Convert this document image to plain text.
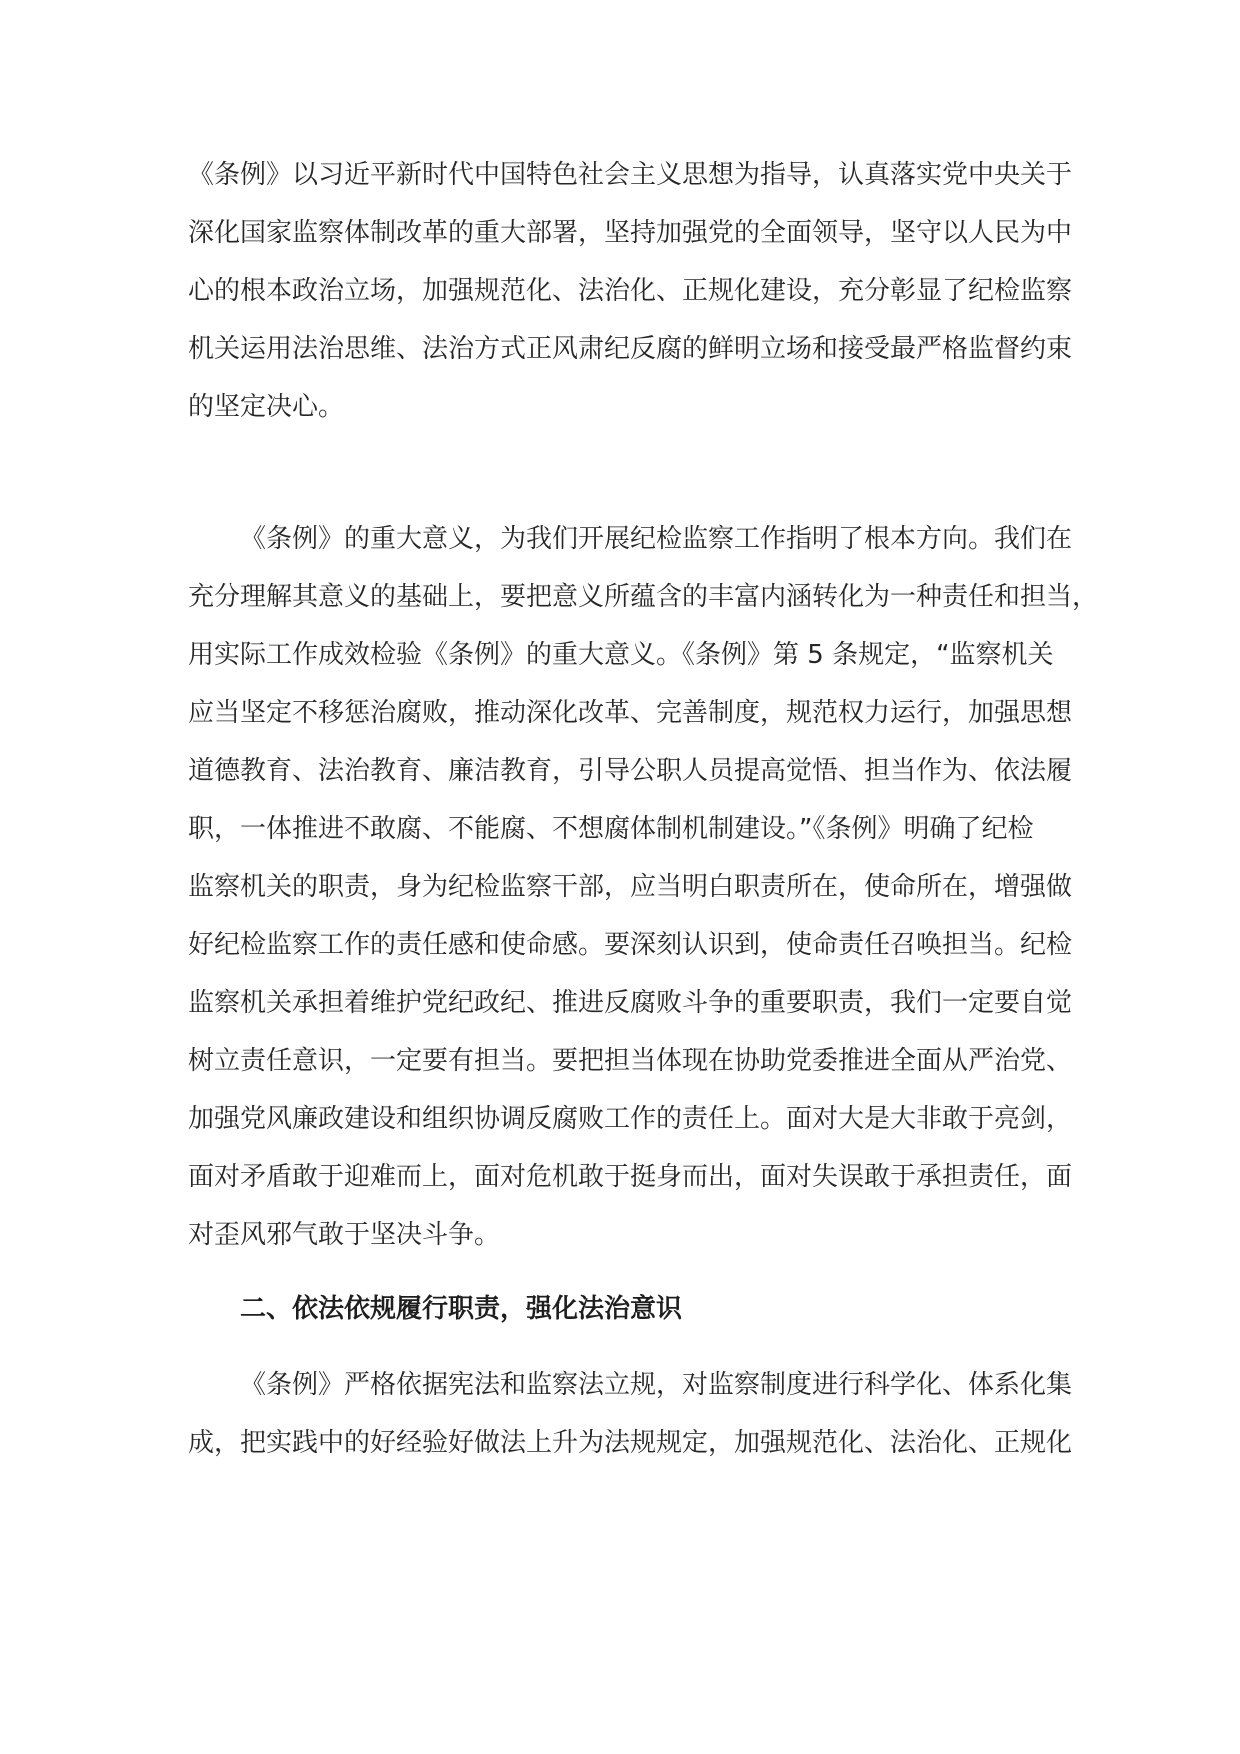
《条例》以习近平新时代中国特色社会主义思想为指导，认真落实党中央关于

深化国家监察体制改革的重大部署，坚持加强党的全面领导，坚守以人民为中

心的根本政治立场，加强规范化、法治化、正规化建设，充分彰显了纪检监察

机关运用法治思维、法治方式正风肃纪反腐的鲜明立场和接受最严格监督约束

的坚定决心。

《条例》的重大意义，为我们开展纪检监察工作指明了根本方向。我们在

充分理解其意义的基础上，要把意义所蕴含的丰富内涵转化为一种责任和担当，

用实际工作成效检验《条例》的重大意义。《条例》第 5 条规定，“监察机关

应当坚定不移惩治腐败，推动深化改革、完善制度，规范权力运行，加强思想

道德教育、法治教育、廉洁教育，引导公职人员提高觉悟、担当作为、依法履

职，一体推进不敢腐、不能腐、不想腐体制机制建设。”《条例》明确了纪检

监察机关的职责，身为纪检监察干部，应当明白职责所在，使命所在，增强做

好纪检监察工作的责任感和使命感。要深刻认识到，使命责任召唤担当。纪检

监察机关承担着维护党纪政纪、推进反腐败斗争的重要职责，我们一定要自觉

树立责任意识，一定要有担当。要把担当体现在协助党委推进全面从严治党、

加强党风廉政建设和组织协调反腐败工作的责任上。面对大是大非敢于亮剑，

面对矛盾敢于迎难而上，面对危机敢于挺身而出，面对失误敢于承担责任，面

对歪风邪气敢于坚决斗争。

二、依法依规履行职责，强化法治意识

《条例》严格依据宪法和监察法立规，对监察制度进行科学化、体系化集

成，把实践中的好经验好做法上升为法规规定，加强规范化、法治化、正规化
